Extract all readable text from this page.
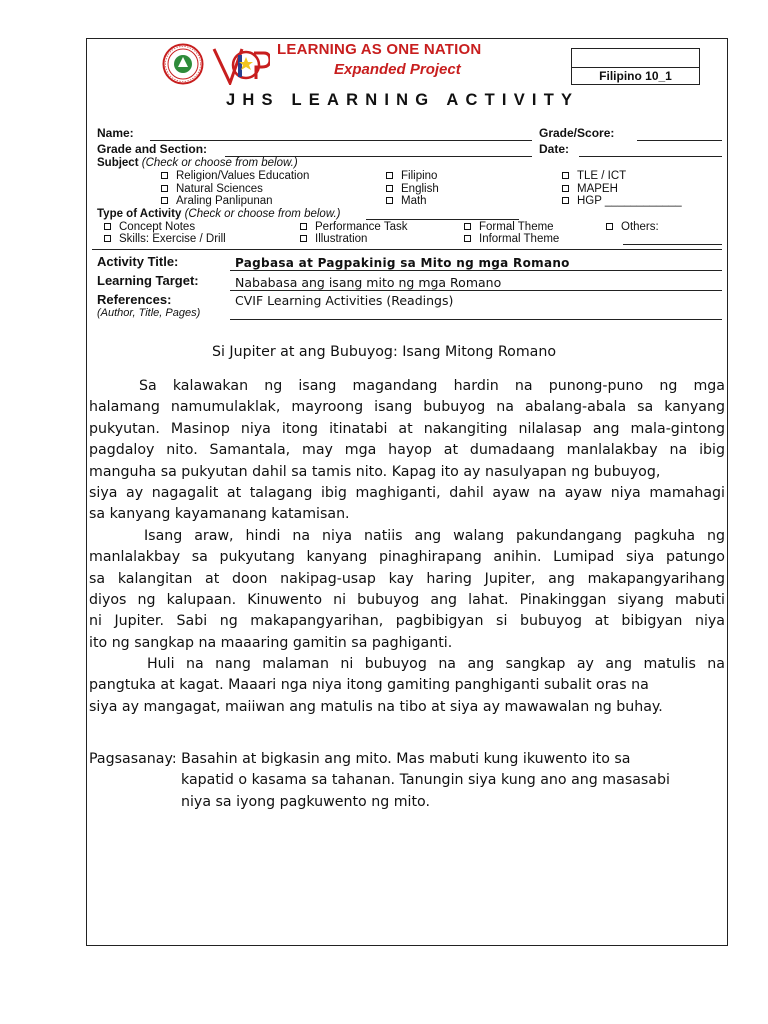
LEARNING AS ONE NATION
Expanded Project	Filipino 10_1
JHS LEARNING ACTIVITY
Name:	Grade/Score:
Grade and Section:	Date:
Subject (Check or choose from below.)
Religion/Values Education
Natural Sciences
Araling Panlipunan
Filipino
English
Math
TLE / ICT
MAPEH
HGP ____________
Type of Activity (Check or choose from below.)
Concept Notes
Skills: Exercise / Drill
Performance Task
Illustration
Formal Theme
Informal Theme
Others:
Activity Title:	Pagbasa at Pagpakinig sa Mito ng mga Romano
Learning Target:	Nababasa ang isang mito ng mga Romano
References:
(Author, Title, Pages)
CVIF Learning Activities (Readings)
Si Jupiter at ang Bubuyog: Isang Mitong Romano
Sa kalawakan ng isang magandang hardin na punong-puno ng mga
halamang namumulaklak, mayroong isang bubuyog na abalang-abala sa kanyang
pukyutan. Masinop niya itong itinatabi at nakangiting nilalasap ang mala-gintong
pagdaloy nito. Samantala, may mga hayop at dumadaang manlalakbay na ibig
manguha sa pukyutan dahil sa tamis nito. Kapag ito ay nasulyapan ng bubuyog,
siya ay nagagalit at talagang ibig maghiganti, dahil ayaw na ayaw niya mamahagi
sa kanyang kayamanang katamisan.
Isang araw, hindi na niya natiis ang walang pakundangang pagkuha ng
manlalakbay sa pukyutang kanyang pinaghirapang anihin. Lumipad siya patungo
sa kalangitan at doon nakipag-usap kay haring Jupiter, ang makapangyarihang
diyos ng kalupaan. Kinuwento ni bubuyog ang lahat. Pinakinggan siyang mabuti
ni Jupiter. Sabi ng makapangyarihan, pagbibigyan si bubuyog at bibigyan niya
ito ng sangkap na maaaring gamitin sa paghiganti.
Huli na nang malaman ni bubuyog na ang sangkap ay ang matulis na
pangtuka at kagat. Maaari nga niya itong gamiting panghiganti subalit oras na
siya ay mangagat, maiiwan ang matulis na tibo at siya ay mawawalan ng buhay.
Pagsasanay: Basahin at bigkasin ang mito. Mas mabuti kung ikuwento ito sa
kapatid o kasama sa tahanan. Tanungin siya kung ano ang masasabi
niya sa iyong pagkuwento ng mito.
